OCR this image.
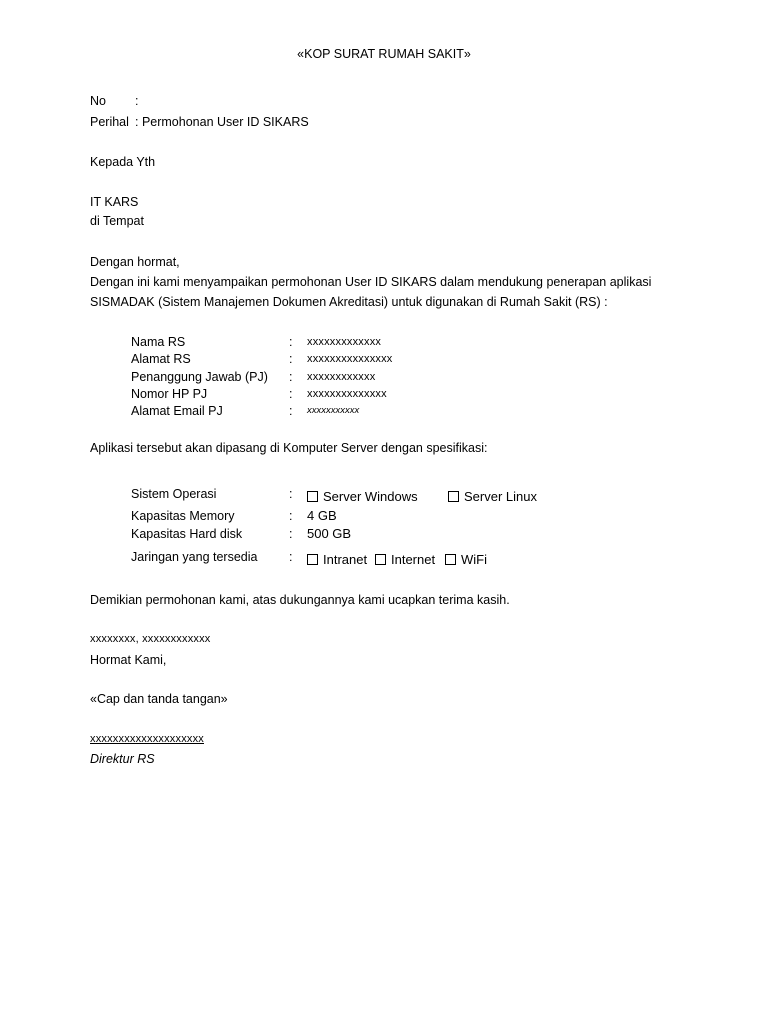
«KOP SURAT RUMAH SAKIT»
No :
Perihal : Permohonan User ID SIKARS
Kepada Yth
IT KARS
di Tempat
Dengan hormat,
Dengan ini kami menyampaikan permohonan User ID SIKARS dalam mendukung penerapan aplikasi
SISMADAK (Sistem Manajemen Dokumen Akreditasi) untuk digunakan di Rumah Sakit (RS) :
Nama RS	: xxxxxxxxxxxxx
Alamat RS	: xxxxxxxxxxxxxxx
Penanggung Jawab (PJ) : xxxxxxxxxxxx
Nomor HP PJ	: xxxxxxxxxxxxxx
Alamat Email PJ	: xxxxxxxxxxx
Aplikasi tersebut akan dipasang di Komputer Server dengan spesifikasi:
Sistem Operasi	:	Server Windows	Server Linux
Kapasitas Memory	: 4 GB
Kapasitas Hard disk	: 500 GB
Jaringan yang tersedia	:	Intranet	Internet	WiFi
Demikian permohonan kami, atas dukungannya kami ucapkan terima kasih.
xxxxxxxx, xxxxxxxxxxxx
Hormat Kami,
«Cap dan tanda tangan»
xxxxxxxxxxxxxxxxxxxx
Direktur RS
